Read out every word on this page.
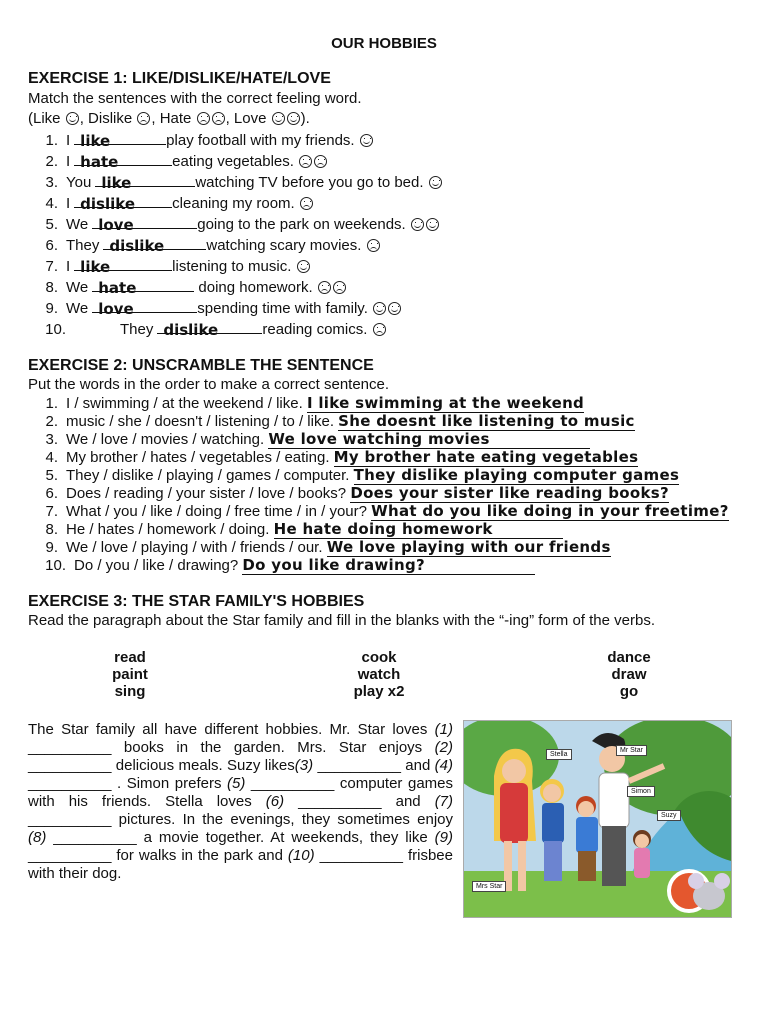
OUR HOBBIES
EXERCISE 1: LIKE/DISLIKE/HATE/LOVE
Match the sentences with the correct feeling word.
(Like , Dislike , Hate , Love ).
1. I like	play football with my friends.
2. I hate	eating vegetables.
3. You like	watching TV before you go to bed.
4. I dislike cleaning my room.
5. We love	going to the park on weekends.
6. They dislike	watching scary movies.
7. I like	listening to music.
8. We hate	doing homework.
9. We love	spending time with family.
10.	They dislike	reading comics.
EXERCISE 2: UNSCRAMBLE THE SENTENCE
Put the words in the order to make a correct sentence.
1. I / swimming / at the weekend / like. I like swimming at the weekend
2. music / she / doesn't / listening / to / like. She doesnt like listening to music
3. We / love / movies / watching. We love watching movies
4. My brother / hates / vegetables / eating. My brother hate eating vegetables
5. They / dislike / playing / games / computer. They dislike playing computer games
6. Does / reading / your sister / love / books? Does your sister like reading books?
7. What / you / like / doing / free time / in / your? What do you like doing in your freetime?
8. He / hates / homework / doing. He hate doing homework
9. We / love / playing / with / friends / our. We love playing with our friends
10. Do / you / like / drawing? Do you like drawing?
EXERCISE 3: THE STAR FAMILY'S HOBBIES
Read the paragraph about the Star family and fill in the blanks with the “-ing” form of the verbs.
read
paint
sing
cook
watch
play x2
dance
draw
go
The Star family all have different hobbies. Mr. Star loves (1) __________ books in the garden. Mrs. Star enjoys (2) __________ delicious meals. Suzy likes(3) __________ and (4) __________ . Simon prefers (5) __________ computer games with his friends. Stella loves (6) __________ and (7) __________ pictures. In the evenings, they sometimes enjoy (8) __________ a movie together. At weekends, they like (9) __________ for walks in the park and (10) __________ frisbee with their dog.
Stella
Mr Star
Simon
Suzy
Mrs Star
